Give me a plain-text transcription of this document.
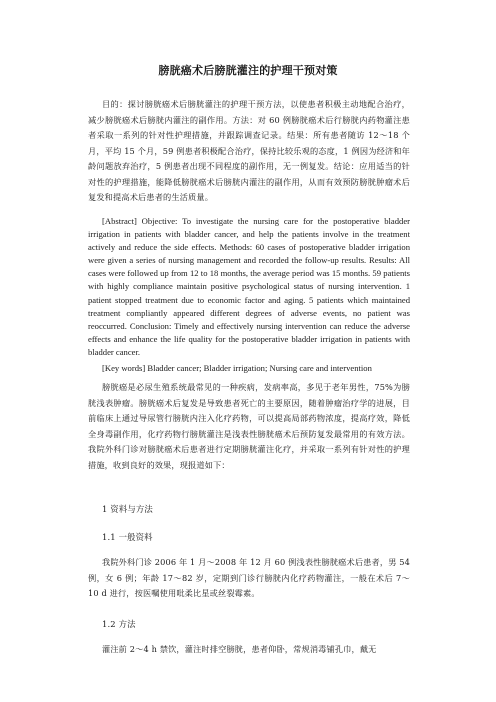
膀胱癌术后膀胱灌注的护理干预对策

目的：探讨膀胱癌术后膀胱灌注的护理干预方法，以使患者积极主动地配合治疗，减少膀胱癌术后膀胱内灌注的副作用。方法：对 60 例膀胱癌术后行膀胱内药物灌注患者采取一系列的针对性护理措施，并跟踪调查记录。结果：所有患者随访 12～18 个月，平均 15 个月，59 例患者积极配合治疗，保持比较乐观的态度，1 例因为经济和年龄问题放弃治疗，5 例患者出现不同程度的副作用，无一例复发。结论：应用适当的针对性的护理措施，能降低膀胱癌术后膀胱内灌注的副作用，从而有效预防膀胱肿瘤术后复发和提高术后患者的生活质量。

[Abstract] Objective: To investigate the nursing care for the postoperative bladder irrigation in patients with bladder cancer, and help the patients involve in the treatment actively and reduce the side effects. Methods: 60 cases of postoperative bladder irrigation were given a series of nursing management and recorded the follow-up results. Results: All cases were followed up from 12 to 18 months, the average period was 15 months. 59 patients with highly compliance maintain positive psychological status of nursing intervention. 1 patient stopped treatment due to economic factor and aging. 5 patients which maintained treatment compliantly appeared different degrees of adverse events, no patient was reoccurred. Conclusion: Timely and effectively nursing intervention can reduce the adverse effects and enhance the life quality for the postoperative bladder irrigation in patients with bladder cancer.

[Key words] Bladder cancer; Bladder irrigation; Nursing care and intervention

膀胱癌是必尿生殖系统最常见的一种疾病，发病率高，多见于老年男性，75%为膀胱浅表肿瘤。膀胱癌术后复发是导致患者死亡的主要原因，随着肿瘤治疗学的进展，目前临床上通过导尿管行膀胱内注入化疗药物，可以提高局部药物浓度，提高疗效，降低全身毒副作用，化疗药物行膀胱灌注是浅表性膀胱癌术后预防复发最常用的有效方法。我院外科门诊对膀胱癌术后患者进行定期膀胱灌注化疗，并采取一系列有针对性的护理措施，收到良好的效果，现报道如下：

1 资料与方法
1.1 一般资料

我院外科门诊 2006 年 1 月～2008 年 12 月 60 例浅表性膀胱癌术后患者，男 54 例，女 6 例；年龄 17～82 岁，定期到门诊行膀胱内化疗药物灌注，一般在术后 7～10 d 进行，按医嘱使用吡柔比星或丝裂霉素。

1.2 方法

灌注前 2～4 h 禁饮，灌注时排空膀胱，患者仰卧，常规消毒铺孔巾，戴无
